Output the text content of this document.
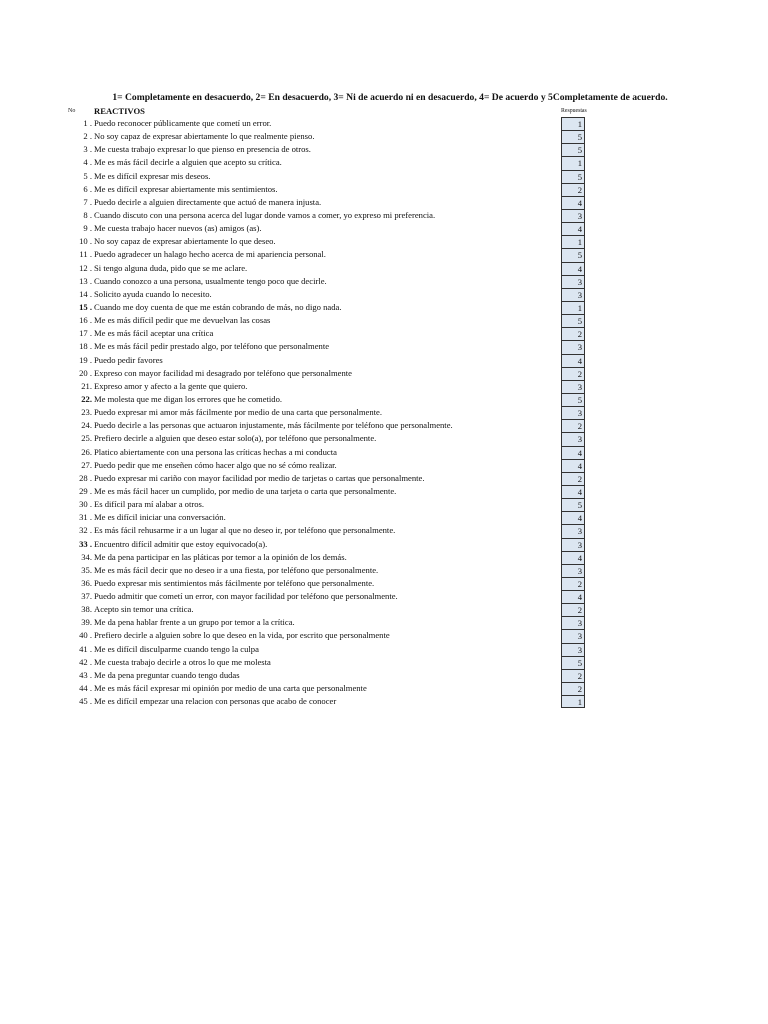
1= Completamente en desacuerdo, 2= En desacuerdo, 3= Ni de acuerdo ni en desacuerdo, 4= De acuerdo y 5Completamente de acuerdo.
No REACTIVOS	Respuestas
1 . Puedo reconocer públicamente que cometí un error.	1
2 . No soy capaz de expresar abiertamente lo que realmente pienso.	5
3 . Me cuesta trabajo expresar lo que pienso en presencia de otros.	5
4 . Me es más fácil decirle a alguien que acepto su crítica.	1
5 . Me es difícil expresar mis deseos.	5
6 . Me es difícil expresar abiertamente mis sentimientos.	2
7 . Puedo decirle a alguien directamente que actuó de manera injusta.	4
8 . Cuando discuto con una persona acerca del lugar donde vamos a comer, yo expreso mi preferencia.	3
9 . Me cuesta trabajo hacer nuevos (as) amigos (as).	4
10 . No soy capaz de expresar abiertamente lo que deseo.	1
11 . Puedo agradecer un halago hecho acerca de mi apariencia personal.	5
12 . Si tengo alguna duda, pido que se me aclare.	4
13 . Cuando conozco a una persona, usualmente tengo poco que decirle.	3
14 . Solicito ayuda cuando lo necesito.	3
15 . Cuando me doy cuenta de que me están cobrando de más, no digo nada.	1
16 . Me es más difícil pedir que me devuelvan las cosas	5
17 . Me es más fácil aceptar una crítica	2
18 . Me es más fácil pedir prestado algo, por teléfono que personalmente	3
19 . Puedo pedir favores	4
20 . Expreso con mayor facilidad mi desagrado por teléfono que personalmente	2
21. Expreso amor y afecto a la gente que quiero.	3
22. Me molesta que me digan los errores que he cometido.	5
23. Puedo expresar mi amor más fácilmente por medio de una carta que personalmente.	3
24. Puedo decirle a las personas que actuaron injustamente, más fácilmente por teléfono que personalmente.	2
25. Prefiero decirle a alguien que deseo estar solo(a), por teléfono que personalmente.	3
26. Platico abiertamente con una persona las críticas hechas a mi conducta	4
27. Puedo pedir que me enseñen cómo hacer algo que no sé cómo realizar.	4
28 . Puedo expresar mi cariño con mayor facilidad por medio de tarjetas o cartas que personalmente.	2
29 . Me es más fácil hacer un cumplido, por medio de una tarjeta o carta que personalmente.	4
30 . Es difícil para mí alabar a otros.	5
31 . Me es difícil iniciar una conversación.	4
32 . Es más fácil rehusarme ir a un lugar al que no deseo ir, por teléfono que personalmente.	3
33 . Encuentro difícil admitir que estoy equivocado(a).	3
34. Me da pena participar en las pláticas por temor a la opinión de los demás.	4
35. Me es más fácil decir que no deseo ir a una fiesta, por teléfono que personalmente.	3
36. Puedo expresar mis sentimientos más fácilmente por teléfono que personalmente.	2
37. Puedo admitir que cometí un error, con mayor facilidad por teléfono que personalmente.	4
38. Acepto sin temor una crítica.	2
39. Me da pena hablar frente a un grupo por temor a la crítica.	3
40 . Prefiero decirle a alguien sobre lo que deseo en la vida, por escrito que personalmente	3
41 . Me es difícil disculparme cuando tengo la culpa	3
42 . Me cuesta trabajo decirle a otros lo que me molesta	5
43 . Me da pena preguntar cuando tengo dudas	2
44 . Me es más fácil expresar mi opinión por medio de una carta que personalmente	2
45 . Me es difícil empezar una relacion con personas que acabo de conocer	1
